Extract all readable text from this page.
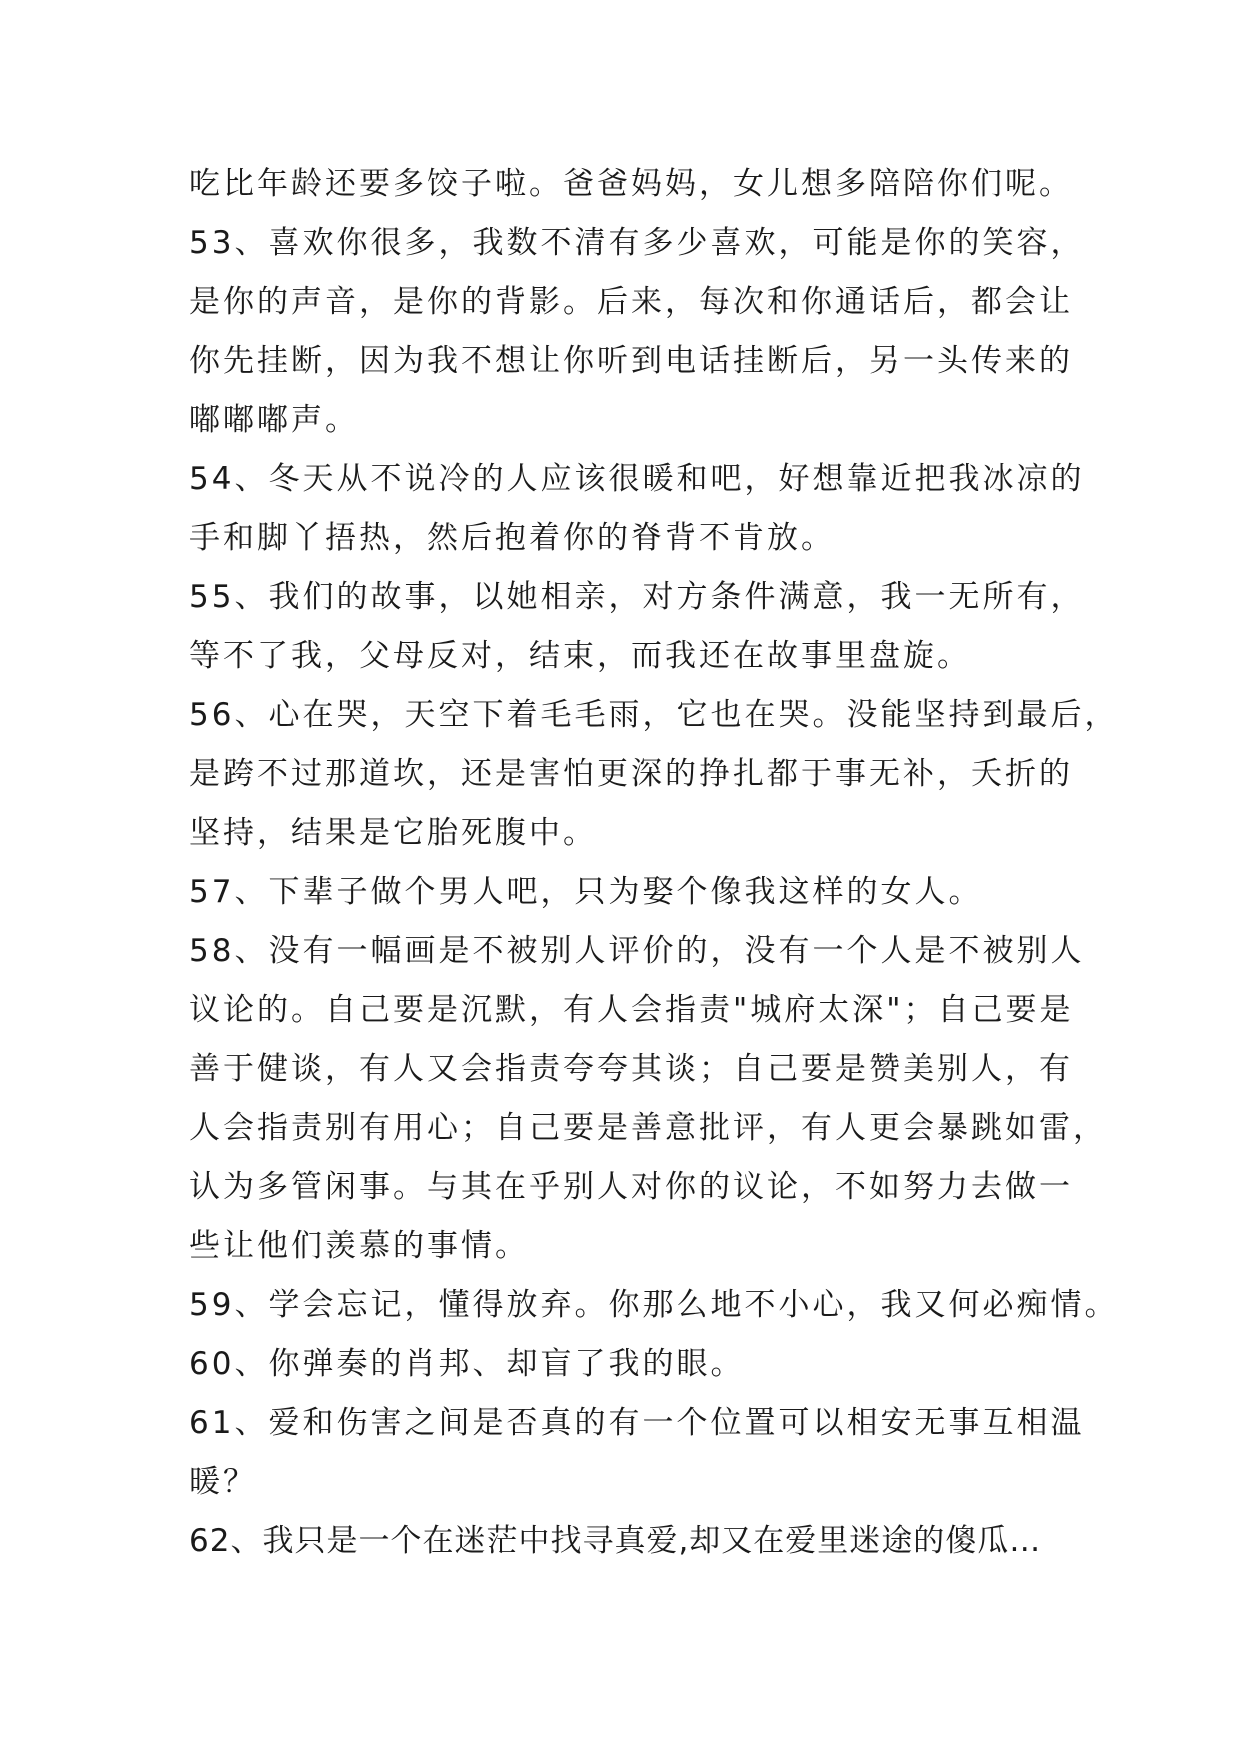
吃比年龄还要多饺子啦。爸爸妈妈，女儿想多陪陪你们呢。
53、喜欢你很多，我数不清有多少喜欢，可能是你的笑容，
是你的声音，是你的背影。后来，每次和你通话后，都会让
你先挂断，因为我不想让你听到电话挂断后，另一头传来的
嘟嘟嘟声。
54、冬天从不说冷的人应该很暖和吧，好想靠近把我冰凉的
手和脚丫捂热，然后抱着你的脊背不肯放。
55、我们的故事，以她相亲，对方条件满意，我一无所有，
等不了我，父母反对，结束，而我还在故事里盘旋。
56、心在哭，天空下着毛毛雨，它也在哭。没能坚持到最后，
是跨不过那道坎，还是害怕更深的挣扎都于事无补，夭折的
坚持，结果是它胎死腹中。
57、下辈子做个男人吧，只为娶个像我这样的女人。
58、没有一幅画是不被别人评价的，没有一个人是不被别人
议论的。自己要是沉默，有人会指责"城府太深"；自己要是
善于健谈，有人又会指责夸夸其谈；自己要是赞美别人，有
人会指责别有用心；自己要是善意批评，有人更会暴跳如雷，
认为多管闲事。与其在乎别人对你的议论，不如努力去做一
些让他们羡慕的事情。
59、学会忘记，懂得放弃。你那么地不小心，我又何必痴情。
60、你弹奏的肖邦、却盲了我的眼。
61、爱和伤害之间是否真的有一个位置可以相安无事互相温
暖？
62、我只是一个在迷茫中找寻真爱,却又在爱里迷途的傻瓜…
